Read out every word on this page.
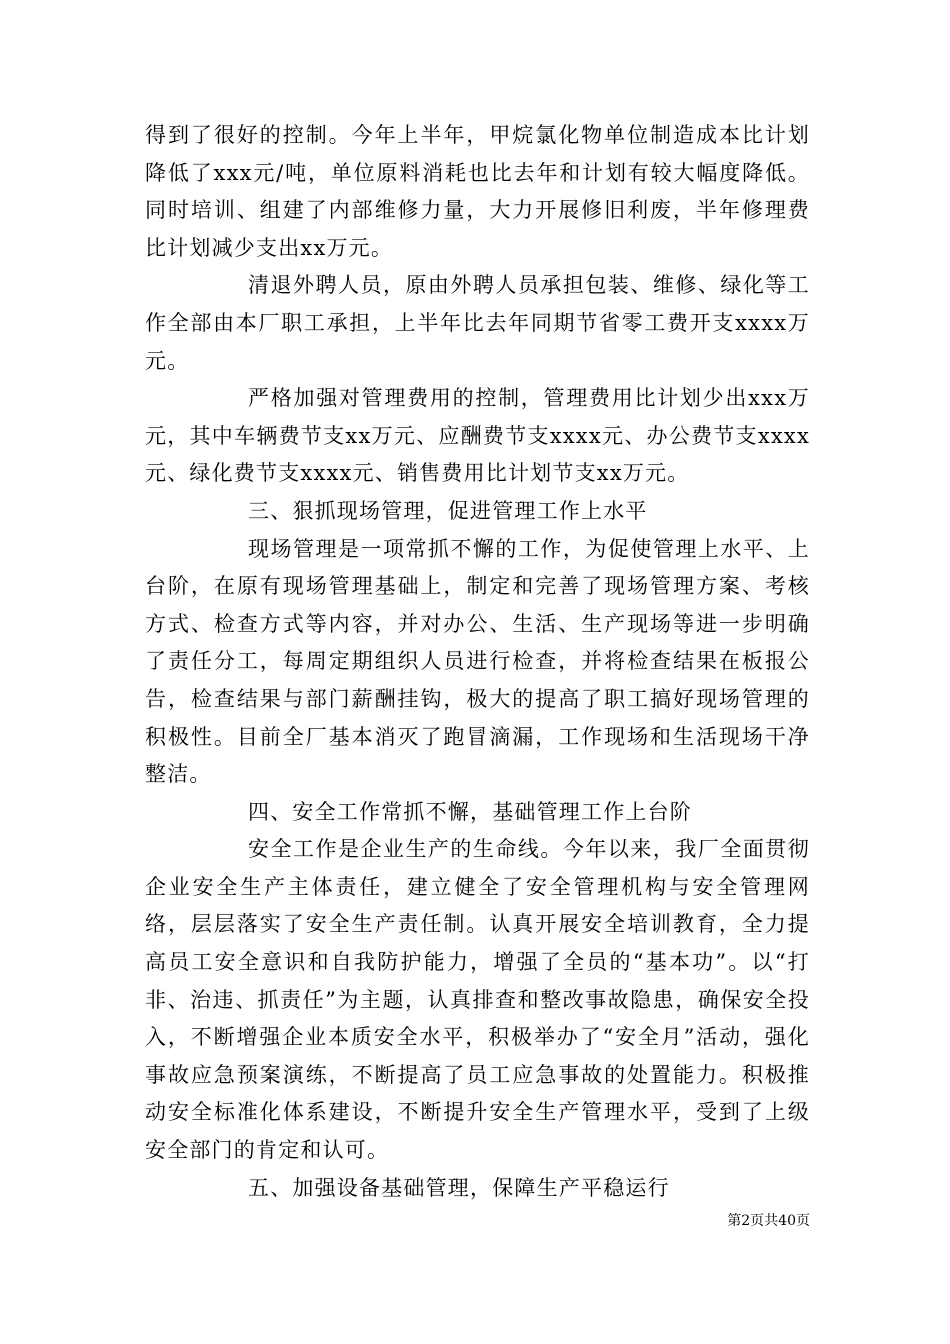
得到了很好的控制。今年上半年，甲烷氯化物单位制造成本比计划降低了xxx元/吨，单位原料消耗也比去年和计划有较大幅度降低。同时培训、组建了内部维修力量，大力开展修旧利废，半年修理费比计划减少支出xx万元。

清退外聘人员，原由外聘人员承担包装、维修、绿化等工作全部由本厂职工承担，上半年比去年同期节省零工费开支xxxx万元。

严格加强对管理费用的控制，管理费用比计划少出xxx万元，其中车辆费节支xx万元、应酬费节支xxxx元、办公费节支xxxx元、绿化费节支xxxx元、销售费用比计划节支xx万元。

三、狠抓现场管理，促进管理工作上水平

现场管理是一项常抓不懈的工作，为促使管理上水平、上台阶，在原有现场管理基础上，制定和完善了现场管理方案、考核方式、检查方式等内容，并对办公、生活、生产现场等进一步明确了责任分工，每周定期组织人员进行检查，并将检查结果在板报公告，检查结果与部门薪酬挂钩，极大的提高了职工搞好现场管理的积极性。目前全厂基本消灭了跑冒滴漏，工作现场和生活现场干净整洁。

四、安全工作常抓不懈，基础管理工作上台阶

安全工作是企业生产的生命线。今年以来，我厂全面贯彻企业安全生产主体责任，建立健全了安全管理机构与安全管理网络，层层落实了安全生产责任制。认真开展安全培训教育，全力提高员工安全意识和自我防护能力，增强了全员的“基本功”。以“打非、治违、抓责任”为主题，认真排查和整改事故隐患，确保安全投入，不断增强企业本质安全水平，积极举办了“安全月”活动，强化事故应急预案演练，不断提高了员工应急事故的处置能力。积极推动安全标准化体系建设，不断提升安全生产管理水平，受到了上级安全部门的肯定和认可。

五、加强设备基础管理，保障生产平稳运行

第2页共40页
